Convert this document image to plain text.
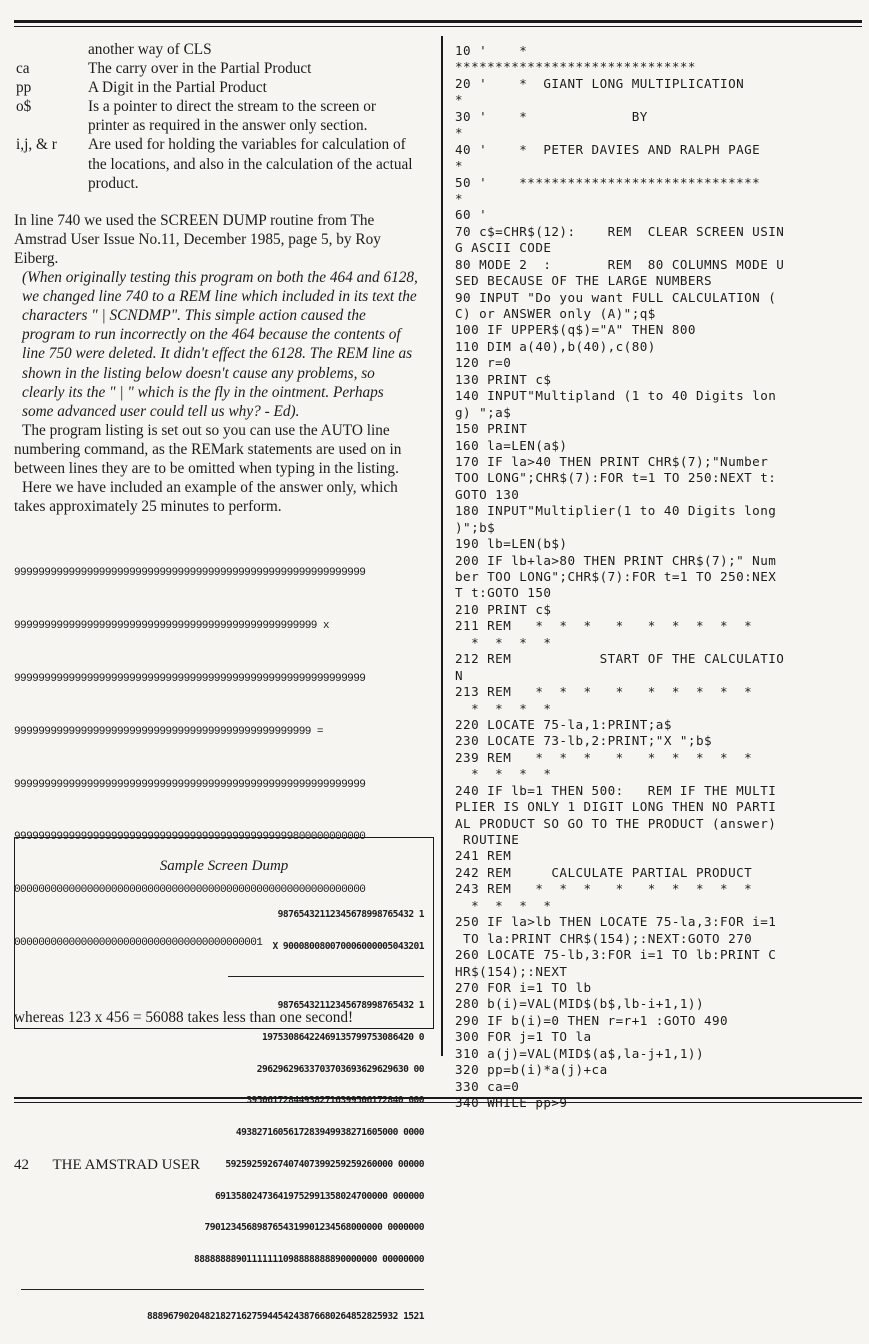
another way of CLS
ca	The carry over in the Partial Product
pp	A Digit in the Partial Product
o$	Is a pointer to direct the stream to the screen or printer as required in the answer only section.
i,j, & r	Are used for holding the variables for calculation of the locations, and also in the calculation of the actual product.

In line 740 we used the SCREEN DUMP routine from The Amstrad User Issue No.11, December 1985, page 5, by Roy Eiberg.

(When originally testing this program on both the 464 and 6128, we changed line 740 to a REM line which included in its text the characters " | SCNDMP". This simple action caused the program to run incorrectly on the 464 because the contents of line 750 were deleted. It didn't effect the 6128. The REM line as shown in the listing below doesn't cause any problems, so clearly its the " | " which is the fly in the ointment. Perhaps some advanced user could tell us why? - Ed).

The program listing is set out so you can use the AUTO line numbering command, as the REMark statements are used on in between lines they are to be omitted when typing in the listing.

Here we have included an example of the answer only, which takes approximately 25 minutes to perform.

9999999999999999999999999999999999999999999999999999999999

99999999999999999999999999999999999999999999999999 x

9999999999999999999999999999999999999999999999999999999999

9999999999999999999999999999999999999999999999999 =

9999999999999999999999999999999999999999999999999999999999

9999999999999999999999999999999999999999999999800000000000

0000000000000000000000000000000000000000000000000000000000

00000000000000000000000000000000000000001

whereas 123 x 456 = 56088 takes less than one second!

Sample Screen Dump

98765432112345678998765432 1

X 900080080070006000005043201

98765432112345678998765432 1

19753086422469135799753086420 0

29629629633703703693629629630 00

395061728449382716399506172840 000

4938271605617283949938271605000 0000

59259259267407407399259259260000 00000

691358024736419752991358024700000 000000

7901234568987654319901234568000000 0000000

88888888901111111098888888890000000 00000000

888967902048218271627594454243876680264852825932 1521

10 '    *
******************************
20 '    *  GIANT LONG MULTIPLICATION
*
30 '    *             BY
*
40 '    *  PETER DAVIES AND RALPH PAGE
*
50 '    ******************************
*
60 '
70 c$=CHR$(12):    REM  CLEAR SCREEN USIN
G ASCII CODE
80 MODE 2  :       REM  80 COLUMNS MODE U
SED BECAUSE OF THE LARGE NUMBERS
90 INPUT "Do you want FULL CALCULATION (
C) or ANSWER only (A)";q$
100 IF UPPER$(q$)="A" THEN 800
110 DIM a(40),b(40),c(80)
120 r=0
130 PRINT c$
140 INPUT"Multipland (1 to 40 Digits lon
g) ";a$
150 PRINT
160 la=LEN(a$)
170 IF la>40 THEN PRINT CHR$(7);"Number
TOO LONG";CHR$(7):FOR t=1 TO 250:NEXT t:
GOTO 130
180 INPUT"Multiplier(1 to 40 Digits long
)";b$
190 lb=LEN(b$)
200 IF lb+la>80 THEN PRINT CHR$(7);" Num
ber TOO LONG";CHR$(7):FOR t=1 TO 250:NEX
T t:GOTO 150
210 PRINT c$
211 REM   *  *  *   *   *  *  *  *  *
*  *  *  *
212 REM           START OF THE CALCULATIO
N
213 REM   *  *  *   *   *  *  *  *  *
*  *  *  *
220 LOCATE 75-la,1:PRINT;a$
230 LOCATE 73-lb,2:PRINT;"X ";b$
239 REM   *  *  *   *   *  *  *  *  *
*  *  *  *
240 IF lb=1 THEN 500:   REM IF THE MULTI
PLIER IS ONLY 1 DIGIT LONG THEN NO PARTI
AL PRODUCT SO GO TO THE PRODUCT (answer)
ROUTINE
241 REM
242 REM     CALCULATE PARTIAL PRODUCT
243 REM   *  *  *   *   *  *  *  *  *
*  *  *  *
250 IF la>lb THEN LOCATE 75-la,3:FOR i=1
TO la:PRINT CHR$(154);:NEXT:GOTO 270
260 LOCATE 75-lb,3:FOR i=1 TO lb:PRINT C
HR$(154);:NEXT
270 FOR i=1 TO lb
280 b(i)=VAL(MID$(b$,lb-i+1,1))
290 IF b(i)=0 THEN r=r+1 :GOTO 490
300 FOR j=1 TO la
310 a(j)=VAL(MID$(a$,la-j+1,1))
320 pp=b(i)*a(j)+ca
330 ca=0
340 WHILE pp>9
42 THE AMSTRAD USER
